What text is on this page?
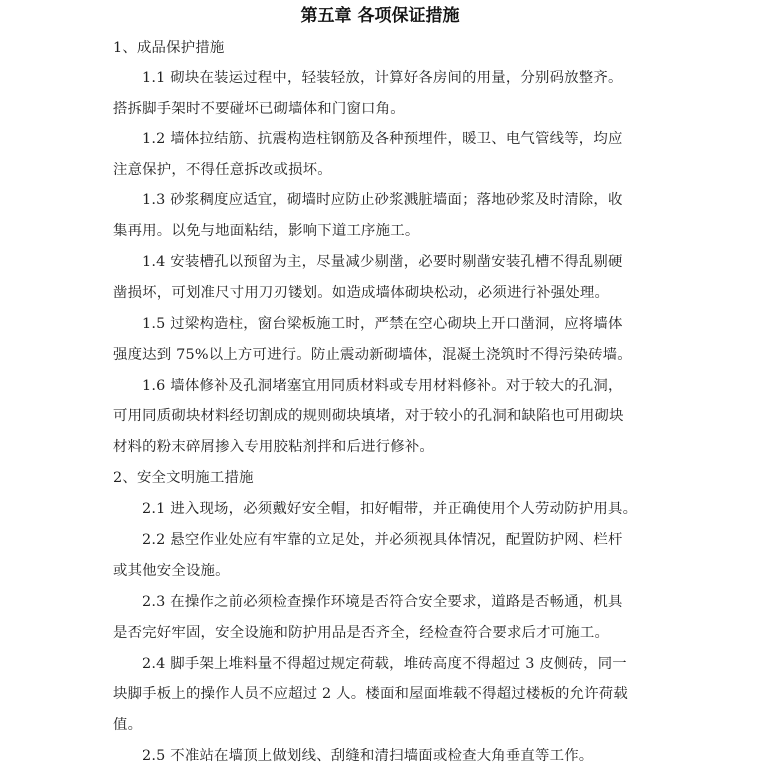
第五章 各项保证措施
1、成品保护措施
1.1 砌块在装运过程中，轻装轻放，计算好各房间的用量，分别码放整齐。
搭拆脚手架时不要碰坏已砌墙体和门窗口角。
1.2 墙体拉结筋、抗震构造柱钢筋及各种预埋件，暖卫、电气管线等，均应
注意保护，不得任意拆改或损坏。
1.3 砂浆稠度应适宜，砌墙时应防止砂浆溅脏墙面；落地砂浆及时清除，收
集再用。以免与地面粘结，影响下道工序施工。
1.4 安装槽孔以预留为主，尽量减少剔凿，必要时剔凿安装孔槽不得乱剔硬
凿损坏，可划准尺寸用刀刃镂划。如造成墙体砌块松动，必须进行补强处理。
1.5 过梁构造柱，窗台梁板施工时，严禁在空心砌块上开口凿洞，应将墙体
强度达到 75%以上方可进行。防止震动新砌墙体，混凝土浇筑时不得污染砖墙。
1.6 墙体修补及孔洞堵塞宜用同质材料或专用材料修补。对于较大的孔洞，
可用同质砌块材料经切割成的规则砌块填堵，对于较小的孔洞和缺陷也可用砌块
材料的粉末碎屑掺入专用胶粘剂拌和后进行修补。
2、安全文明施工措施
2.1 进入现场，必须戴好安全帽，扣好帽带，并正确使用个人劳动防护用具。
2.2 悬空作业处应有牢靠的立足处，并必须视具体情况，配置防护网、栏杆
或其他安全设施。
2.3 在操作之前必须检查操作环境是否符合安全要求，道路是否畅通，机具
是否完好牢固，安全设施和防护用品是否齐全，经检查符合要求后才可施工。
2.4 脚手架上堆料量不得超过规定荷载，堆砖高度不得超过 3 皮侧砖，同一
块脚手板上的操作人员不应超过 2 人。楼面和屋面堆载不得超过楼板的允许荷载
值。
2.5 不准站在墙顶上做划线、刮缝和清扫墙面或检查大角垂直等工作。
